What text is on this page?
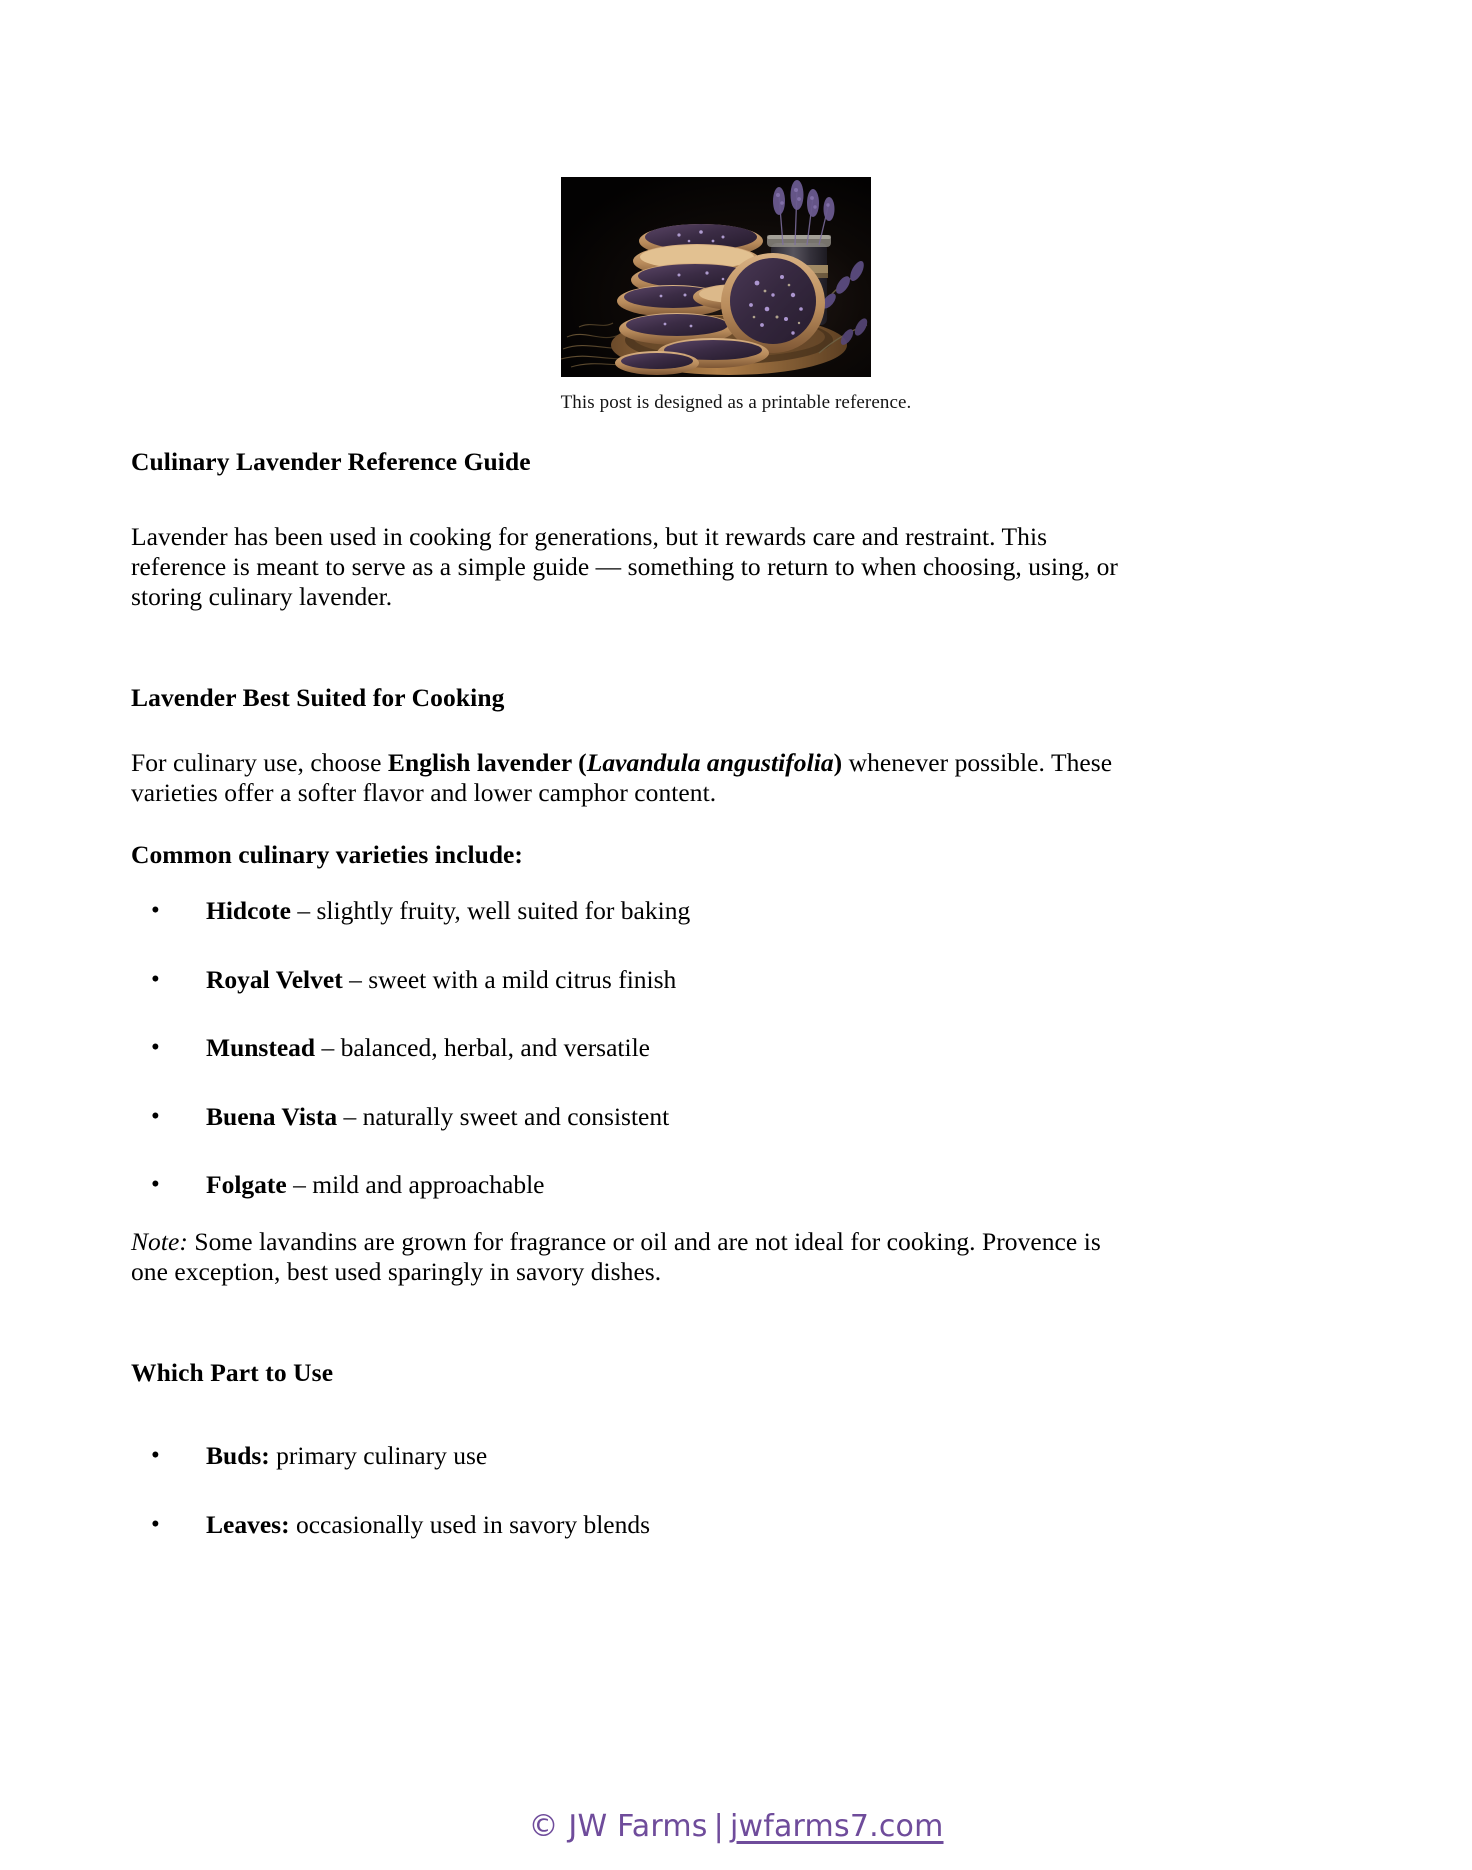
This post is designed as a printable reference.
Culinary Lavender Reference Guide

Lavender has been used in cooking for generations, but it rewards care and restraint. This reference is meant to serve as a simple guide — something to return to when choosing, using, or storing culinary lavender.

Lavender Best Suited for Cooking

For culinary use, choose English lavender (Lavandula angustifolia) whenever possible. These varieties offer a softer flavor and lower camphor content.

Common culinary varieties include:

• Hidcote – slightly fruity, well suited for baking
• Royal Velvet – sweet with a mild citrus finish
• Munstead – balanced, herbal, and versatile
• Buena Vista – naturally sweet and consistent
• Folgate – mild and approachable

Note: Some lavandins are grown for fragrance or oil and are not ideal for cooking. Provence is one exception, best used sparingly in savory dishes.

Which Part to Use
• Buds: primary culinary use
• Leaves: occasionally used in savory blends
© JW Farms | jwfarms7.com
